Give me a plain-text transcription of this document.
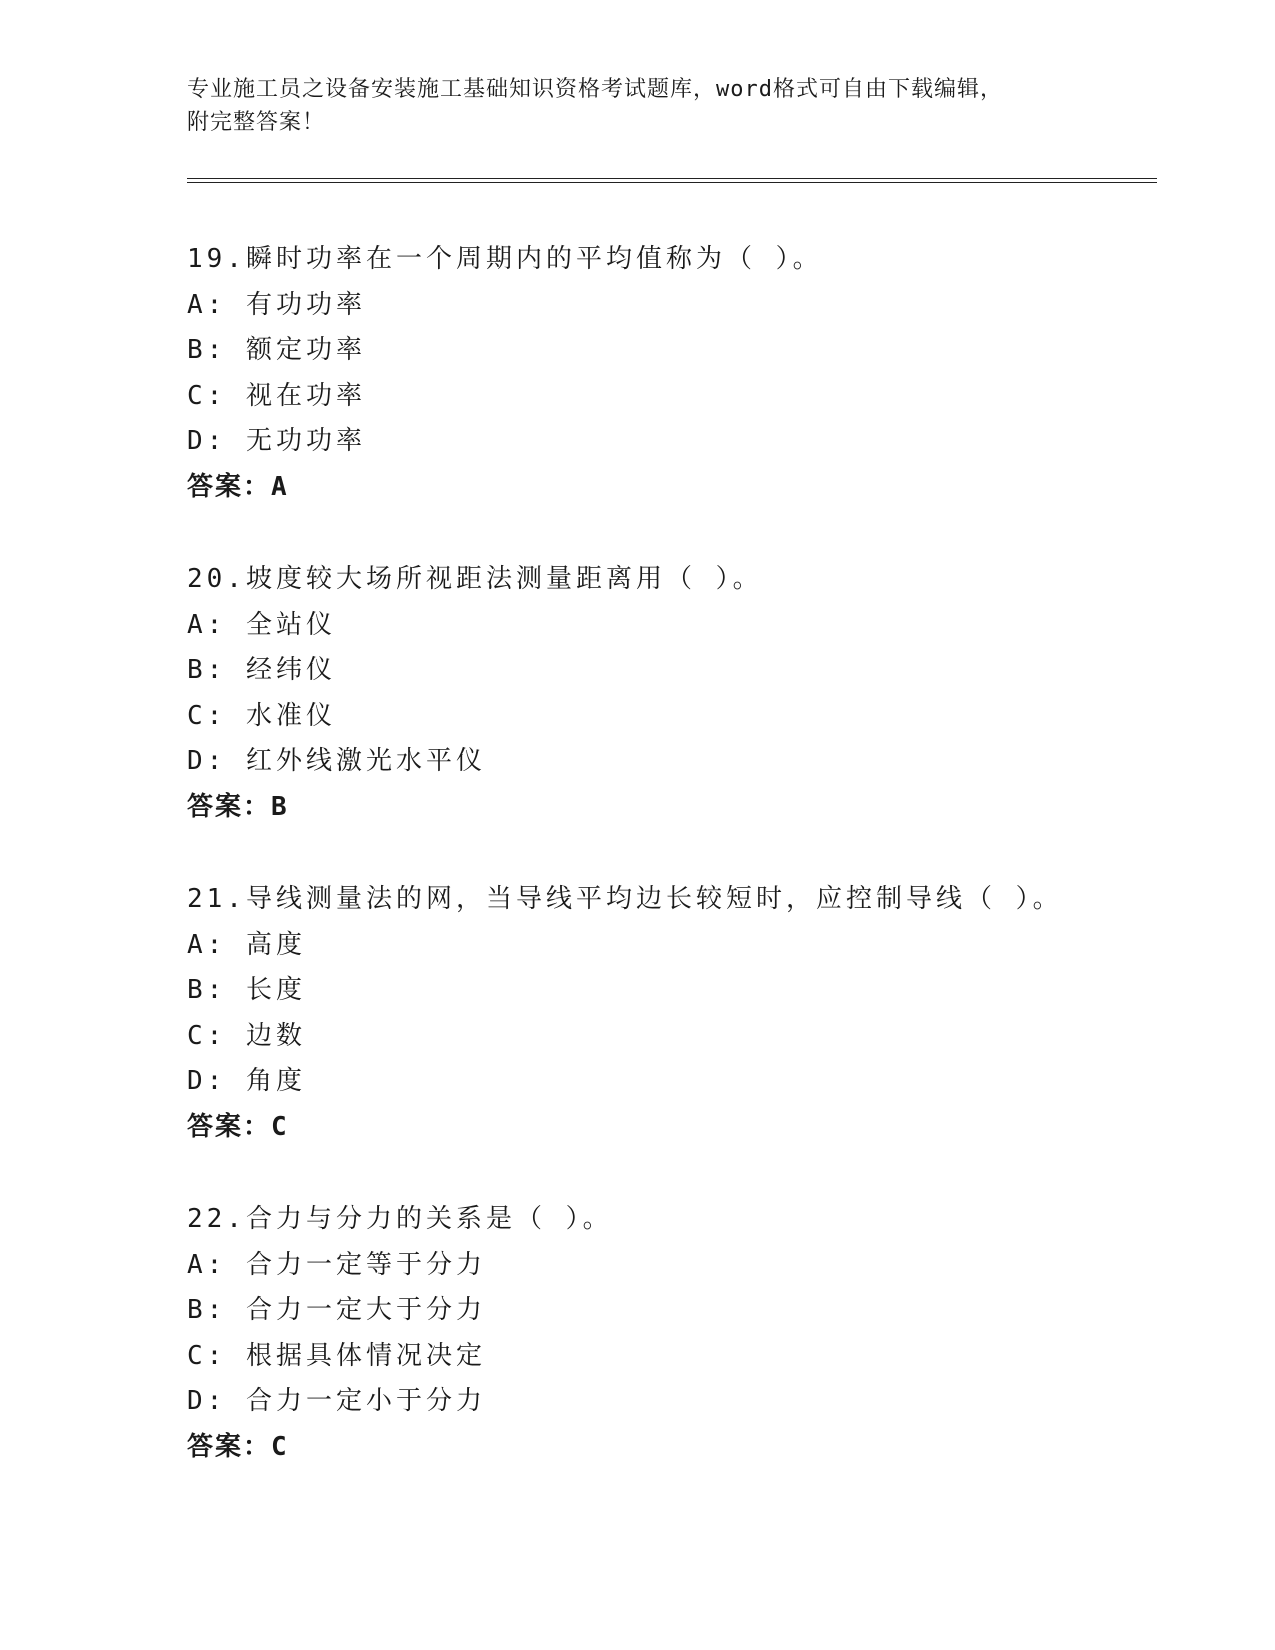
专业施工员之设备安装施工基础知识资格考试题库，word格式可自由下载编辑，
附完整答案！
19.瞬时功率在一个周期内的平均值称为（ ）。
A: 有功功率
B: 额定功率
C: 视在功率
D: 无功功率
答案：A
20.坡度较大场所视距法测量距离用（ ）。
A: 全站仪
B: 经纬仪
C: 水准仪
D: 红外线激光水平仪
答案：B
21.导线测量法的网，当导线平均边长较短时，应控制导线（ ）。
A: 高度
B: 长度
C: 边数
D: 角度
答案：C
22.合力与分力的关系是（ ）。
A: 合力一定等于分力
B: 合力一定大于分力
C: 根据具体情况决定
D: 合力一定小于分力
答案：C
